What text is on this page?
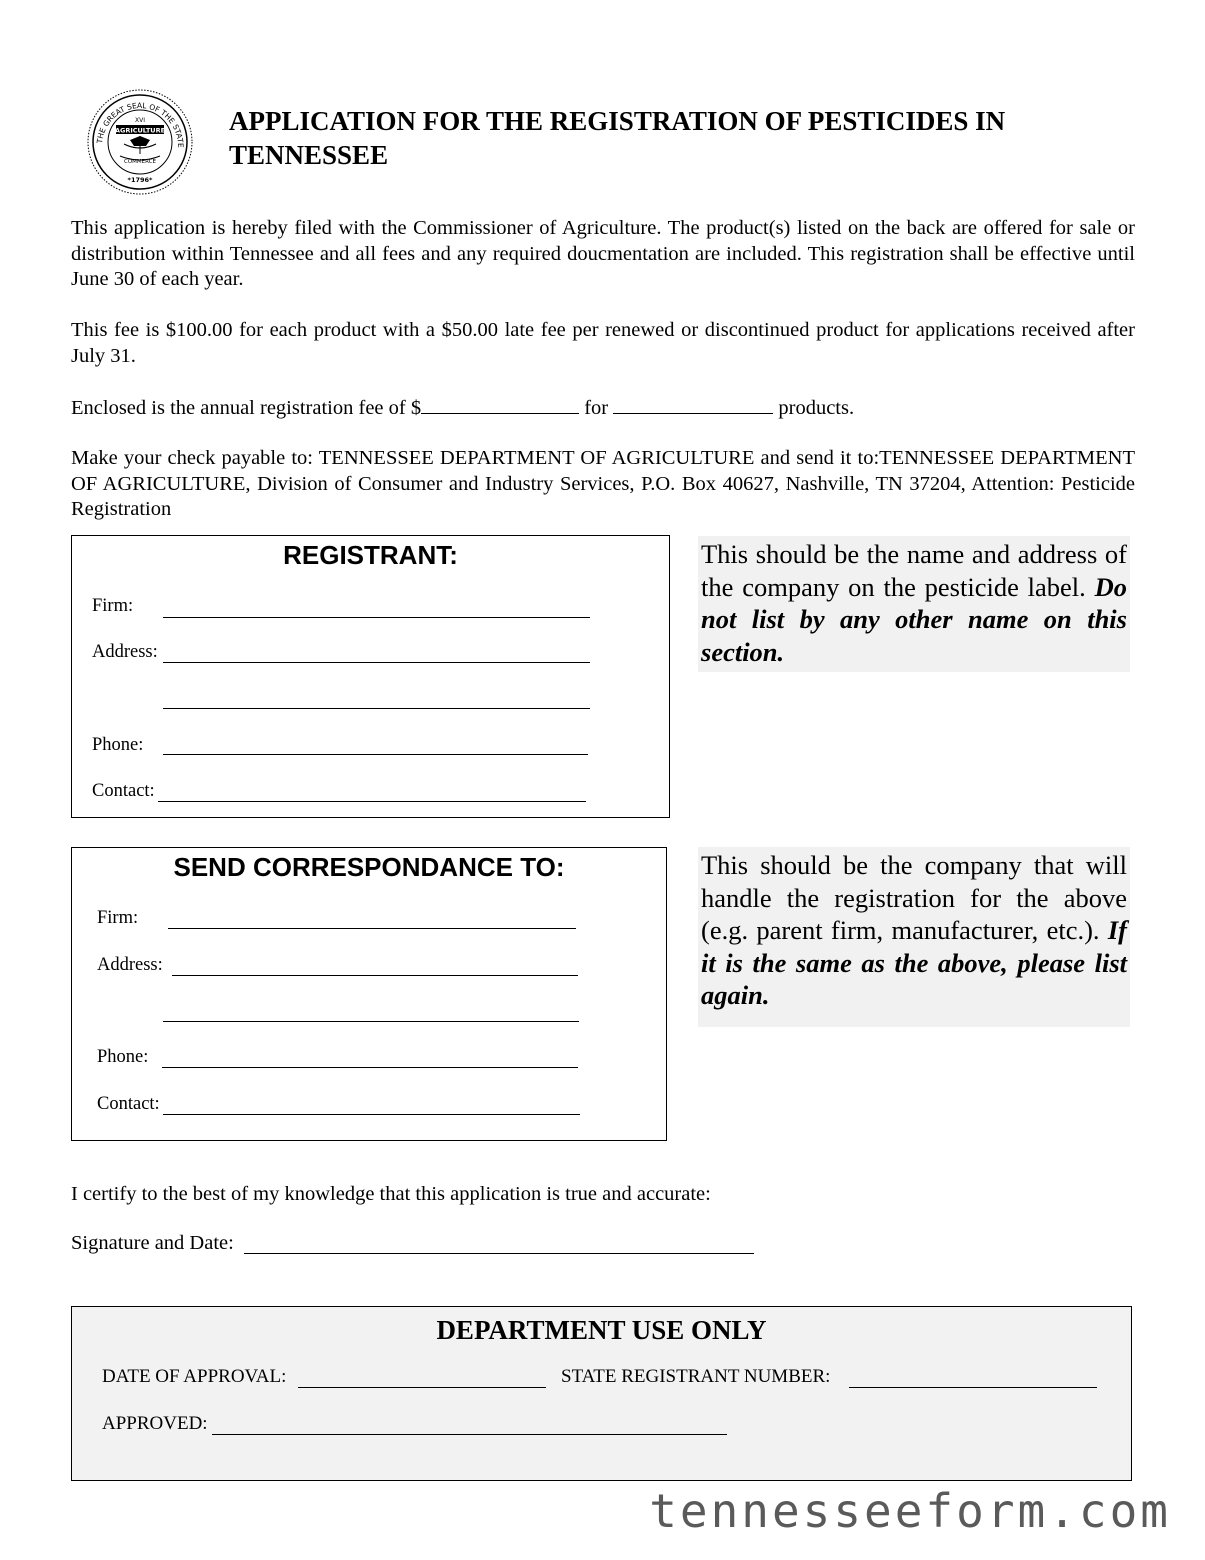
THE GREAT SEAL OF THE STATE
XVI
AGRICULTURE
COMMERCE
*1796*
APPLICATION FOR THE REGISTRATION OF PESTICIDES IN TENNESSEE
This application is hereby filed with the Commissioner of Agriculture. The product(s) listed on the back are offered for sale or distribution within Tennessee and all fees and any required doucmentation are included. This registration shall be effective until June 30 of each year.
This fee is $100.00 for each product with a $50.00 late fee per renewed or discontinued product for applications received after July 31.
Enclosed is the annual registration fee of $	for	products.
Make your check payable to: TENNESSEE DEPARTMENT OF AGRICULTURE and send it to:TENNESSEE DEPARTMENT OF AGRICULTURE, Division of Consumer and Industry Services, P.O. Box 40627, Nashville, TN 37204, Attention: Pesticide Registration
REGISTRANT:
Firm:
Address:
Phone:
Contact:
This should be the name and address of the company on the pesticide label. Do not list by any other name on this section.
SEND CORRESPONDANCE TO:
Firm:
Address:
Phone:
Contact:
This should be the company that will handle the registration for the above (e.g. parent firm, manufacturer, etc.). If it is the same as the above, please list again.
I certify to the best of my knowledge that this application is true and accurate:
Signature and Date:
DEPARTMENT USE ONLY
DATE OF APPROVAL:	STATE REGISTRANT NUMBER:
APPROVED:
tennesseeform.com
